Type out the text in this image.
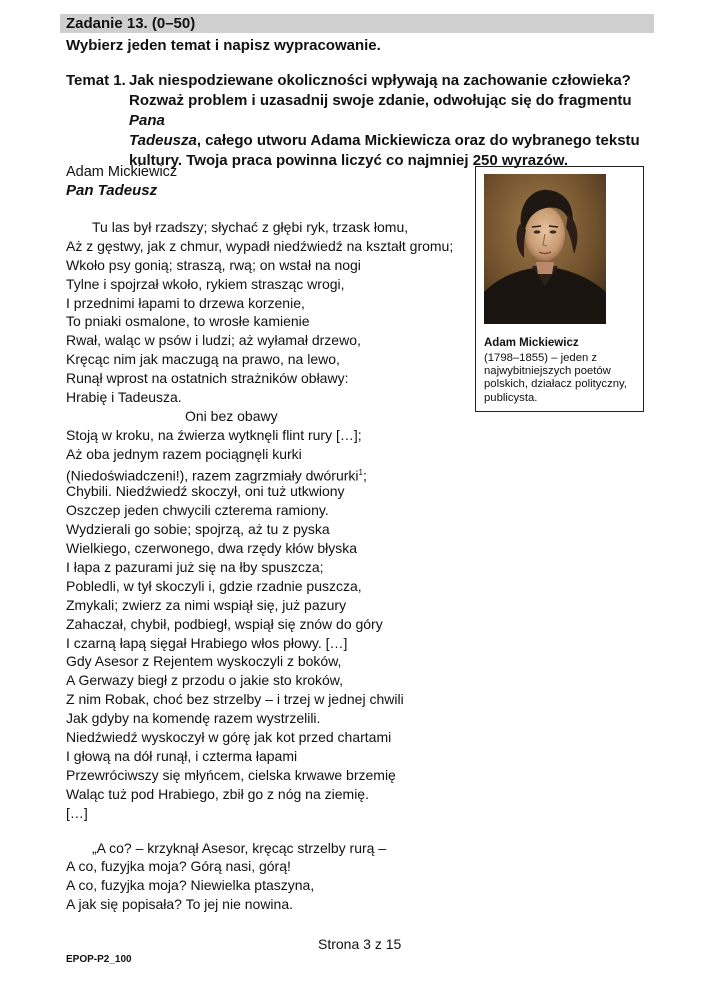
Zadanie 13. (0–50)
Wybierz jeden temat i napisz wypracowanie.
Temat 1. Jak niespodziewane okoliczności wpływają na zachowanie człowieka?
Rozważ problem i uzasadnij swoje zdanie, odwołując się do fragmentu Pana
Tadeusza, całego utworu Adama Mickiewicza oraz do wybranego tekstu
kultury. Twoja praca powinna liczyć co najmniej 250 wyrazów.
Adam Mickiewicz
Pan Tadeusz
Tu las był rzadszy; słychać z głębi ryk, trzask łomu,
Aż z gęstwy, jak z chmur, wypadł niedźwiedź na kształt gromu;
Wkoło psy gonią; straszą, rwą; on wstał na nogi
Tylne i spojrzał wkoło, rykiem strasząc wrogi,
I przednimi łapami to drzewa korzenie,
To pniaki osmalone, to wrosłe kamienie
Rwał, waląc w psów i ludzi; aż wyłamał drzewo,
Kręcąc nim jak maczugą na prawo, na lewo,
Runął wprost na ostatnich strażników obławy:
Hrabię i Tadeusza.
Oni bez obawy
Stoją w kroku, na źwierza wytknęli flint rury […];
Aż oba jednym razem pociągnęli kurki
(Niedoświadczeni!), razem zagrzmiały dwórurki$^1$;
Chybili. Niedźwiedź skoczył, oni tuż utkwiony
Oszczep jeden chwycili czterema ramiony.
Wydzierali go sobie; spojrzą, aż tu z pyska
Wielkiego, czerwonego, dwa rzędy kłów błyska
I łapa z pazurami już się na łby spuszcza;
Pobledli, w tył skoczyli i, gdzie rzadnie puszcza,
Zmykali; zwierz za nimi wspiął się, już pazury
Zahaczał, chybił, podbiegł, wspiął się znów do góry
I czarną łapą sięgał Hrabiego włos płowy. […]
Gdy Asesor z Rejentem wyskoczyli z boków,
A Gerwazy biegł z przodu o jakie sto kroków,
Z nim Robak, choć bez strzelby – i trzej w jednej chwili
Jak gdyby na komendę razem wystrzelili.
Niedźwiedź wyskoczył w górę jak kot przed chartami
I głową na dół runął, i czterma łapami
Przewróciwszy się młyńcem, cielska krwawe brzemię
Waląc tuż pod Hrabiego, zbił go z nóg na ziemię.
[…]
„A co? – krzyknął Asesor, kręcąc strzelby rurą –
A co, fuzyjka moja? Górą nasi, górą!
A co, fuzyjka moja? Niewielka ptaszyna,
A jak się popisała? To jej nie nowina.
Adam Mickiewicz
(1798–1855) – jeden z najwybitniejszych poetów polskich, działacz polityczny, publicysta.
Strona 3 z 15
EPOP-P2_100
